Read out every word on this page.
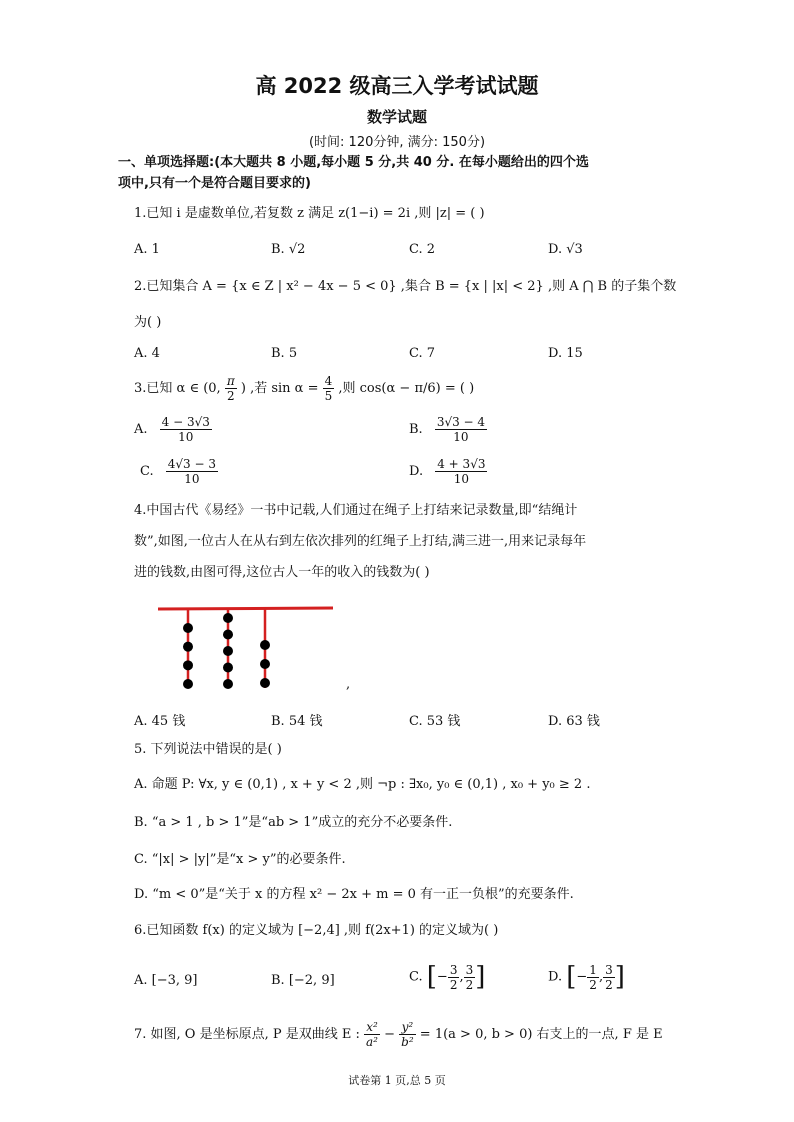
高 2022 级高三入学考试试题
数学试题
(时间: 120分钟, 满分: 150分)
一、单项选择题:(本大题共 8 小题,每小题 5 分,共 40 分. 在每小题给出的四个选
项中,只有一个是符合题目要求的)
1.已知 i 是虚数单位,若复数 z 满足 z(1−i) = 2i ,则 |z| = ( )
A. 1	B. √2	C. 2	D. √3
2.已知集合 A = {x ∈ Z | x² − 4x − 5 < 0} ,集合 B = {x | |x| < 2} ,则 A ⋂ B 的子集个数
为( )
A. 4	B. 5	C. 7	D. 15
3.已知 α ∈ (0, $\frac{\pi}{2}$ ) ,若 $\sin \alpha = \frac{4}{5}$ ,则 cos(α − π/6) = ( )
A. $\frac{4 - 3√3}{10}$	B. $\frac{3√3 - 4}{10}$
C. $\frac{4√3 - 3}{10}$	D. $\frac{4 + 3√3}{10}$
4.中国古代《易经》一书中记载,人们通过在绳子上打结来记录数量,即“结绳计
数”,如图,一位古人在从右到左依次排列的红绳子上打结,满三进一,用来记录每年
进的钱数,由图可得,这位古人一年的收入的钱数为( )
,
A. 45 钱	B. 54 钱	C. 53 钱	D. 63 钱
5. 下列说法中错误的是( )
A. 命题 P: ∀x, y ∈ (0,1) , x + y < 2 ,则 ¬p : ∃x₀, y₀ ∈ (0,1) , x₀ + y₀ ≥ 2 .
B. “a > 1 , b > 1”是“ab > 1”成立的充分不必要条件.
C. “|x| > |y|”是“x > y”的必要条件.
D. “m < 0”是“关于 x 的方程 x² − 2x + m = 0 有一正一负根”的充要条件.
6.已知函数 f(x) 的定义域为 [−2,4] ,则 f(2x+1) 的定义域为( )
A. [−3, 9]	B. [−2, 9]	C. [− $\frac{3}{2}$ , $\frac{3}{2}$ ]	D. [− $\frac{1}{2}$ , $\frac{3}{2}$ ]
7. 如图, O 是坐标原点, P 是双曲线 E : $\frac{\text{x²}}{\text{a²}} - \frac{\text{y²}}{\text{b²}} = 1(a > 0$, b > 0) 右支上的一点, F 是 E
试卷第 1 页,总 5 页
